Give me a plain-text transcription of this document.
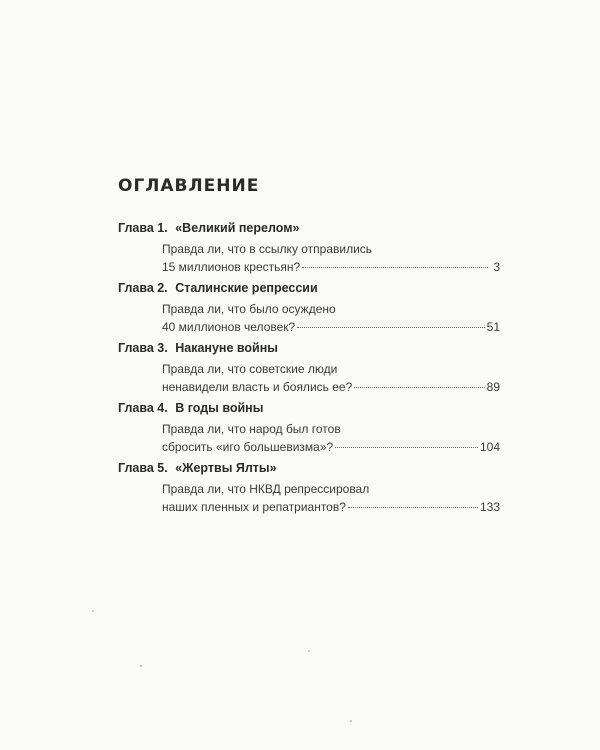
ОГЛАВЛЕНИЕ
Глава 1. «Великий перелом»
Правда ли, что в ссылку отправились
15 миллионов крестьян?	3
Глава 2. Сталинские репрессии
Правда ли, что было осуждено
40 миллионов человек?	51
Глава 3. Накануне войны
Правда ли, что советские люди
ненавидели власть и боялись ее?	89
Глава 4. В годы войны
Правда ли, что народ был готов
сбросить «иго большевизма»?	104
Глава 5. «Жертвы Ялты»
Правда ли, что НКВД репрессировал
наших пленных и репатриантов?	133
